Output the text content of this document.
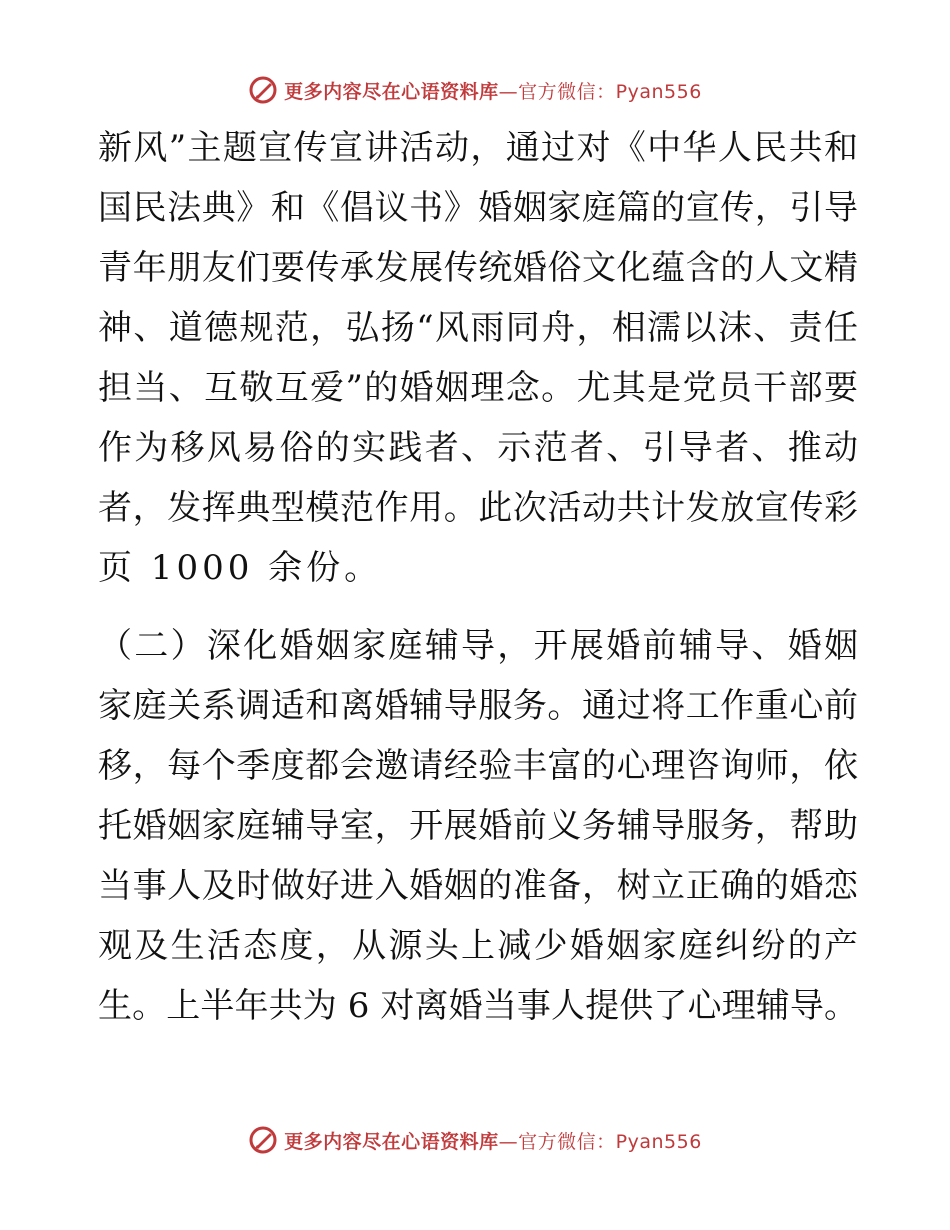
更多内容尽在心语资料库—官方微信：Pyan556
新风”主题宣传宣讲活动，通过对《中华人民共和
国民法典》和《倡议书》婚姻家庭篇的宣传，引导
青年朋友们要传承发展传统婚俗文化蕴含的人文精
神、道德规范，弘扬“风雨同舟，相濡以沫、责任
担当、互敬互爱”的婚姻理念。尤其是党员干部要
作为移风易俗的实践者、示范者、引导者、推动
者，发挥典型模范作用。此次活动共计发放宣传彩
页 1000 余份。
（二）深化婚姻家庭辅导，开展婚前辅导、婚姻
家庭关系调适和离婚辅导服务。通过将工作重心前
移，每个季度都会邀请经验丰富的心理咨询师，依
托婚姻家庭辅导室，开展婚前义务辅导服务，帮助
当事人及时做好进入婚姻的准备，树立正确的婚恋
观及生活态度，从源头上减少婚姻家庭纠纷的产
生。上半年共为 6 对离婚当事人提供了心理辅导。
更多内容尽在心语资料库—官方微信：Pyan556
